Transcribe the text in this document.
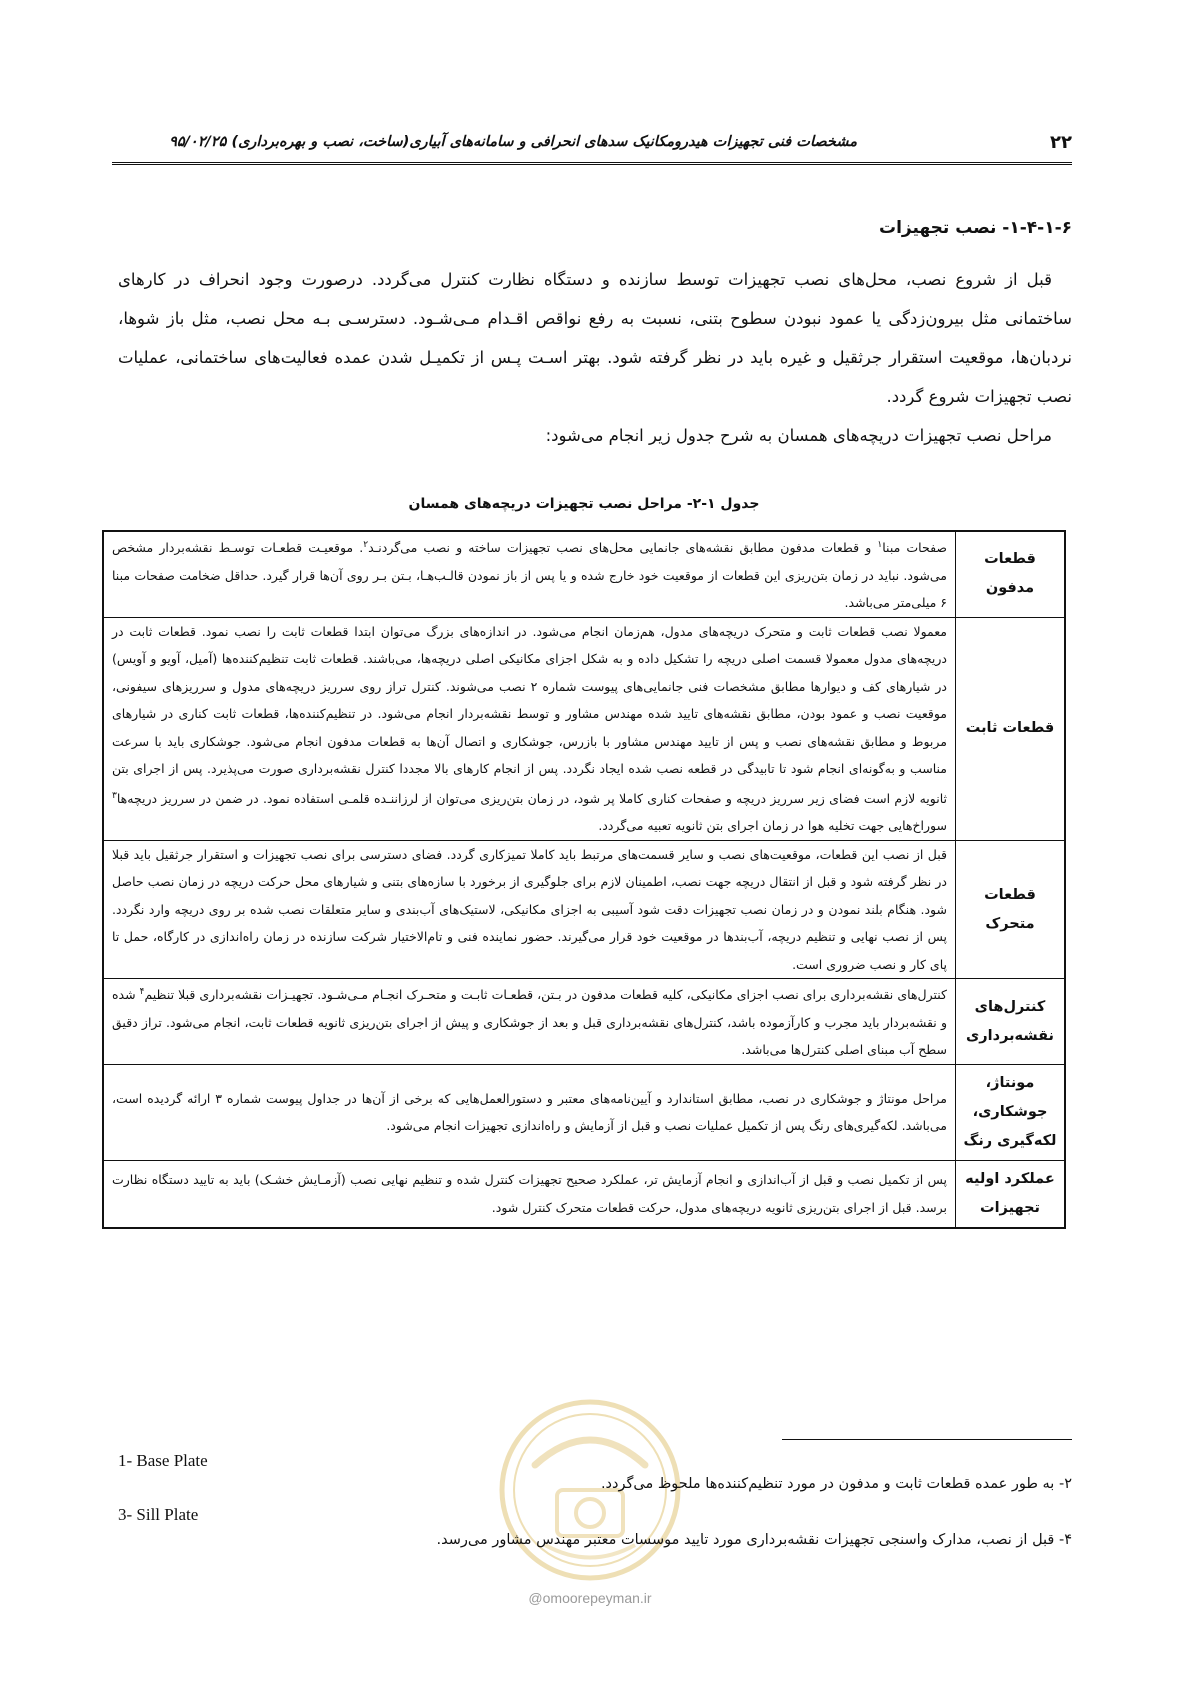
۲۲
مشخصات فنی تجهیزات هیدرومکانیک سدهای انحرافی و سامانه‌های آبیاری(ساخت، نصب و بهره‌برداری) ۹۵/۰۲/۲۵
۱-۴-۱-۶- نصب تجهیزات

قبل از شروع نصب، محل‌های نصب تجهیزات توسط سازنده و دستگاه نظارت کنترل می‌گردد. درصورت وجود انحراف در کارهای ساختمانی مثل بیرون‌زدگی یا عمود نبودن سطوح بتنی، نسبت به رفع نواقص اقـدام مـی‌شـود. دسترسـی بـه محل نصب، مثل باز شوها، نردبان‌ها، موقعیت استقرار جرثقیل و غیره باید در نظر گرفته شود. بهتر اسـت پـس از تکمیـل شدن عمده فعالیت‌های ساختمانی، عملیات نصب تجهیزات شروع گردد.

مراحل نصب تجهیزات دریچه‌های همسان به شرح جدول زیر انجام می‌شود:

جدول ۱-۲- مراحل نصب تجهیزات دریچه‌های همسان
قطعات مدفون	صفحات مبنا$^۱$ و قطعات مدفون مطابق نقشه‌های جانمایی محل‌های نصب تجهیزات ساخته و نصب می‌گردنـد$^۲$. موقعیـت قطعـات توسـط نقشه‌بردار مشخص می‌شود. نباید در زمان بتن‌ریزی این قطعات از موقعیت خود خارج شده و یا پس از باز نمودن قالـب‌هـا، بـتن بـر روی آن‌ها قرار گیرد. حداقل ضخامت صفحات مبنا ۶ میلی‌متر می‌باشد.
قطعات ثابت	معمولا نصب قطعات ثابت و متحرک دریچه‌های مدول، هم‌زمان انجام می‌شود. در اندازه‌های بزرگ می‌توان ابتدا قطعات ثابت را نصب نمود. قطعات ثابت در دریچه‌های مدول معمولا قسمت اصلی دریچه را تشکیل داده و به شکل اجزای مکانیکی اصلی دریچه‌ها، می‌باشند. قطعات ثابت تنظیم‌کننده‌ها (آمیل، آویو و آویس) در شیارهای کف و دیوارها مطابق مشخصات فنی جانمایی‌های پیوست شماره ۲ نصب می‌شوند. کنترل تراز روی سرریز دریچه‌های مدول و سرریزهای سیفونی، موقعیت نصب و عمود بودن، مطابق نقشه‌های تایید شده مهندس مشاور و توسط نقشه‌بردار انجام می‌شود. در تنظیم‌کننده‌ها، قطعات ثابت کناری در شیارهای مربوط و مطابق نقشه‌های نصب و پس از تایید مهندس مشاور با بازرس، جوشکاری و اتصال آن‌ها به قطعات مدفون انجام می‌شود. جوشکاری باید با سرعت مناسب و به‌گونه‌ای انجام شود تا تابیدگی در قطعه نصب شده ایجاد نگردد. پس از انجام کارهای بالا مجددا کنترل نقشه‌برداری صورت می‌پذیرد. پس از اجرای بتن ثانویه لازم است فضای زیر سرریز دریچه و صفحات کناری کاملا پر شود، در زمان بتن‌ریزی می‌توان از لرزاننـده قلمـی استفاده نمود. در ضمن در سرریز دریچه‌ها$^۳$ سوراخ‌هایی جهت تخلیه هوا در زمان اجرای بتن ثانویه تعبیه می‌گردد.
قطعات متحرک	قبل از نصب این قطعات، موقعیت‌های نصب و سایر قسمت‌های مرتبط باید کاملا تمیزکاری گردد. فضای دسترسی برای نصب تجهیزات و استقرار جرثقیل باید قبلا در نظر گرفته شود و قبل از انتقال دریچه جهت نصب، اطمینان لازم برای جلوگیری از برخورد با سازه‌های بتنی و شیارهای محل حرکت دریچه در زمان نصب حاصل شود. هنگام بلند نمودن و در زمان نصب تجهیزات دقت شود آسیبی به اجزای مکانیکی، لاستیک‌های آب‌بندی و سایر متعلقات نصب شده بر روی دریچه وارد نگردد. پس از نصب نهایی و تنظیم دریچه، آب‌بندها در موقعیت خود قرار می‌گیرند. حضور نماینده فنی و تام‌الاختیار شرکت سازنده در زمان راه‌اندازی در کارگاه، حمل تا پای کار و نصب ضروری است.
کنترل‌های نقشه‌برداری	کنترل‌های نقشه‌برداری برای نصب اجزای مکانیکی، کلیه قطعات مدفون در بـتن، قطعـات ثابـت و متحـرک انجـام مـی‌شـود. تجهیـزات نقشه‌برداری قبلا تنظیم$^۴$ شده و نقشه‌بردار باید مجرب و کارآزموده باشد، کنترل‌های نقشه‌برداری قبل و بعد از جوشکاری و پیش از اجرای بتن‌ریزی ثانویه قطعات ثابت، انجام می‌شود. تراز دقیق سطح آب مبنای اصلی کنترل‌ها می‌باشد.
مونتاژ، جوشکاری، لکه‌گیری رنگ	مراحل مونتاژ و جوشکاری در نصب، مطابق استاندارد و آیین‌نامه‌های معتبر و دستورالعمل‌هایی که برخی از آن‌ها در جداول پیوست شماره ۳ ارائه گردیده است، می‌باشد. لکه‌گیری‌های رنگ پس از تکمیل عملیات نصب و قبل از آزمایش و راه‌اندازی تجهیزات انجام می‌شود.
عملکرد اولیه تجهیزات	پس از تکمیل نصب و قبل از آب‌اندازی و انجام آزمایش تر، عملکرد صحیح تجهیزات کنترل شده و تنظیم نهایی نصب (آزمـایش خشـک) باید به تایید دستگاه نظارت برسد. قبل از اجرای بتن‌ریزی ثانویه دریچه‌های مدول، حرکت قطعات متحرک کنترل شود.
1- Base Plate
۲- به طور عمده قطعات ثابت و مدفون در مورد تنظیم‌کننده‌ها ملحوظ می‌گردد.
3- Sill Plate
۴- قبل از نصب، مدارک واسنجی تجهیزات نقشه‌برداری مورد تایید موسسات معتبر مهندس مشاور می‌رسد.
@omoorepeyman.ir
